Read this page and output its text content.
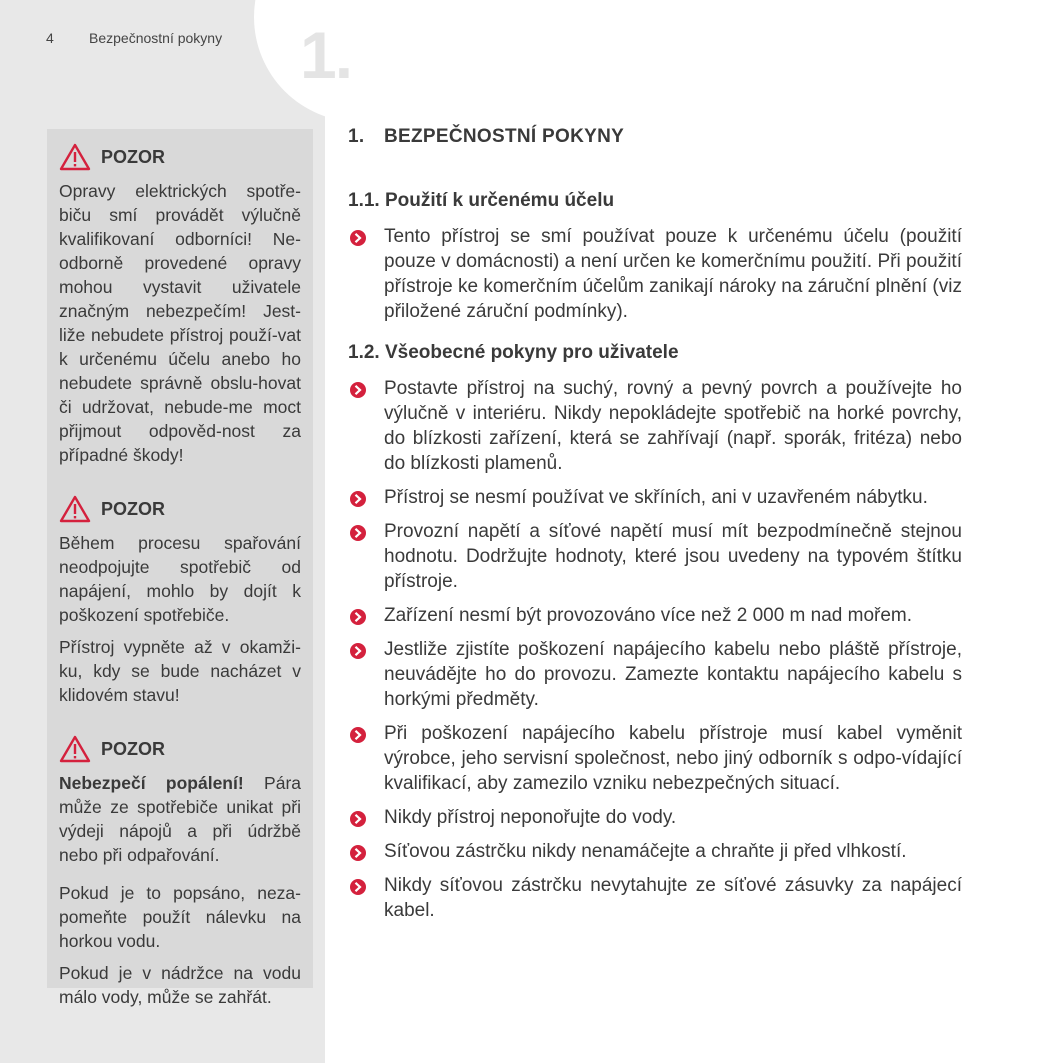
4	Bezpečnostní pokyny 1.
POZOR

Opravy elektrických spotře-biču smí provádět výlučně kvalifikovaní odborníci! Ne-odborně provedené opravy mohou vystavit uživatele značným nebezpečím! Jest-liže nebudete přístroj použí-vat k určenému účelu anebo ho nebudete správně obslu-hovat či udržovat, nebude-me moct přijmout odpověd-nost za případné škody!

POZOR

Během procesu spařování neodpojujte spotřebič od napájení, mohlo by dojít k poškození spotřebiče.

Přístroj vypněte až v okamži-ku, kdy se bude nacházet v klidovém stavu!

POZOR

Nebezpečí popálení! Pára může ze spotřebiče unikat při výdeji nápojů a při údržbě nebo při odpařování.

Pokud je to popsáno, neza-pomeňte použít nálevku na horkou vodu.

Pokud je v nádržce na vodu málo vody, může se zahřát.

1. BEZPEČNOSTNÍ POKYNY
1.1. Použití k určenému účelu
Tento přístroj se smí používat pouze k určenému účelu (použití pouze v domácnosti) a není určen ke komerčnímu použití. Při použití přístroje ke komerčním účelům zanikají nároky na záruční plnění (viz přiložené záruční podmínky).
1.2. Všeobecné pokyny pro uživatele
Postavte přístroj na suchý, rovný a pevný povrch a používejte ho výlučně v interiéru. Nikdy nepokládejte spotřebič na horké povrchy, do blízkosti zařízení, která se zahřívají (např. sporák, fritéza) nebo do blízkosti plamenů.
Přístroj se nesmí používat ve skříních, ani v uzavřeném nábytku.
Provozní napětí a síťové napětí musí mít bezpodmínečně stejnou hodnotu. Dodržujte hodnoty, které jsou uvedeny na typovém štítku přístroje.
Zařízení nesmí být provozováno více než 2 000 m nad mořem.
Jestliže zjistíte poškození napájecího kabelu nebo pláště přístroje, neuvádějte ho do provozu. Zamezte kontaktu napájecího kabelu s horkými předměty.
Při poškození napájecího kabelu přístroje musí kabel vyměnit výrobce, jeho servisní společnost, nebo jiný odborník s odpo-vídající kvalifikací, aby zamezilo vzniku nebezpečných situací.
Nikdy přístroj neponořujte do vody.
Síťovou zástrčku nikdy nenamáčejte a chraňte ji před vlhkostí.
Nikdy síťovou zástrčku nevytahujte ze síťové zásuvky za napájecí kabel.
